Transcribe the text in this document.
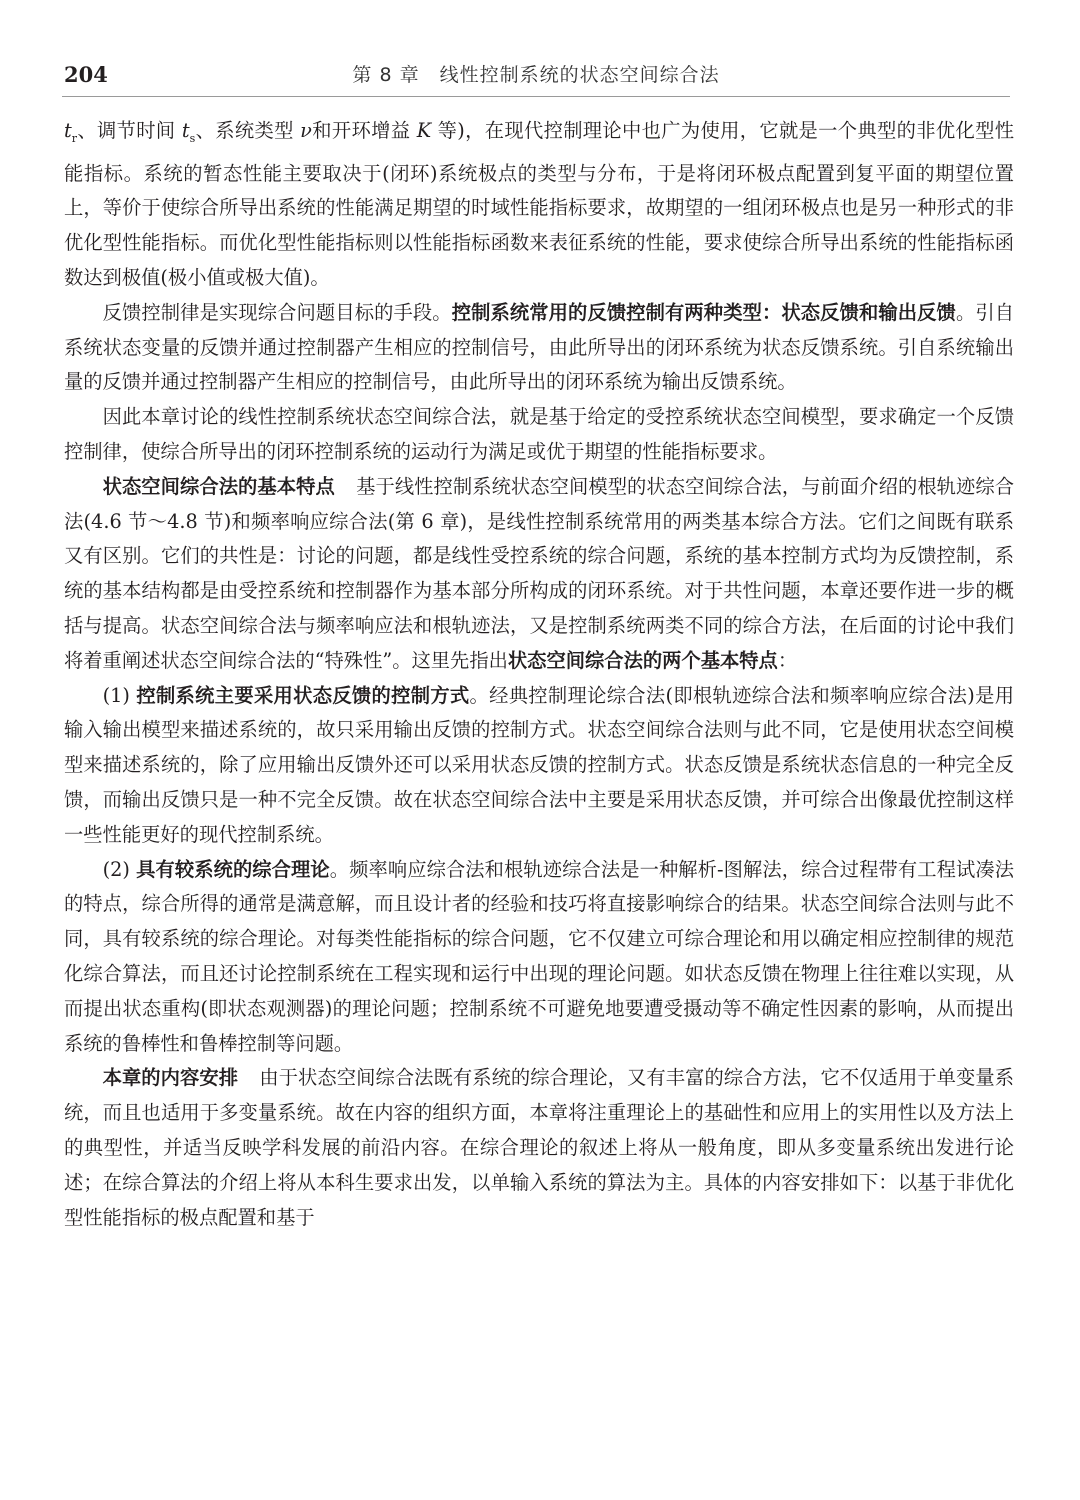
204	第 8 章　线性控制系统的状态空间综合法

$t_r$、调节时间 $t_s$、系统类型 ν和开环增益 K 等)，在现代控制理论中也广为使用，它就是一个典型的非优化型性能指标。系统的暂态性能主要取决于(闭环)系统极点的类型与分布，于是将闭环极点配置到复平面的期望位置上，等价于使综合所导出系统的性能满足期望的时域性能指标要求，故期望的一组闭环极点也是另一种形式的非优化型性能指标。而优化型性能指标则以性能指标函数来表征系统的性能，要求使综合所导出系统的性能指标函数达到极值(极小值或极大值)。

反馈控制律是实现综合问题目标的手段。控制系统常用的反馈控制有两种类型：状态反馈和输出反馈。引自系统状态变量的反馈并通过控制器产生相应的控制信号，由此所导出的闭环系统为状态反馈系统。引自系统输出量的反馈并通过控制器产生相应的控制信号，由此所导出的闭环系统为输出反馈系统。

因此本章讨论的线性控制系统状态空间综合法，就是基于给定的受控系统状态空间模型，要求确定一个反馈控制律，使综合所导出的闭环控制系统的运动行为满足或优于期望的性能指标要求。

状态空间综合法的基本特点 基于线性控制系统状态空间模型的状态空间综合法，与前面介绍的根轨迹综合法(4.6 节～4.8 节)和频率响应综合法(第 6 章)，是线性控制系统常用的两类基本综合方法。它们之间既有联系又有区别。它们的共性是：讨论的问题，都是线性受控系统的综合问题，系统的基本控制方式均为反馈控制，系统的基本结构都是由受控系统和控制器作为基本部分所构成的闭环系统。对于共性问题，本章还要作进一步的概括与提高。状态空间综合法与频率响应法和根轨迹法，又是控制系统两类不同的综合方法，在后面的讨论中我们将着重阐述状态空间综合法的“特殊性”。这里先指出状态空间综合法的两个基本特点：

(1) 控制系统主要采用状态反馈的控制方式。经典控制理论综合法(即根轨迹综合法和频率响应综合法)是用输入输出模型来描述系统的，故只采用输出反馈的控制方式。状态空间综合法则与此不同，它是使用状态空间模型来描述系统的，除了应用输出反馈外还可以采用状态反馈的控制方式。状态反馈是系统状态信息的一种完全反馈，而输出反馈只是一种不完全反馈。故在状态空间综合法中主要是采用状态反馈，并可综合出像最优控制这样一些性能更好的现代控制系统。

(2) 具有较系统的综合理论。频率响应综合法和根轨迹综合法是一种解析-图解法，综合过程带有工程试凑法的特点，综合所得的通常是满意解，而且设计者的经验和技巧将直接影响综合的结果。状态空间综合法则与此不同，具有较系统的综合理论。对每类性能指标的综合问题，它不仅建立可综合理论和用以确定相应控制律的规范化综合算法，而且还讨论控制系统在工程实现和运行中出现的理论问题。如状态反馈在物理上往往难以实现，从而提出状态重构(即状态观测器)的理论问题；控制系统不可避免地要遭受摄动等不确定性因素的影响，从而提出系统的鲁棒性和鲁棒控制等问题。

本章的内容安排 由于状态空间综合法既有系统的综合理论，又有丰富的综合方法，它不仅适用于单变量系统，而且也适用于多变量系统。故在内容的组织方面，本章将注重理论上的基础性和应用上的实用性以及方法上的典型性，并适当反映学科发展的前沿内容。在综合理论的叙述上将从一般角度，即从多变量系统出发进行论述；在综合算法的介绍上将从本科生要求出发，以单输入系统的算法为主。具体的内容安排如下：以基于非优化型性能指标的极点配置和基于
